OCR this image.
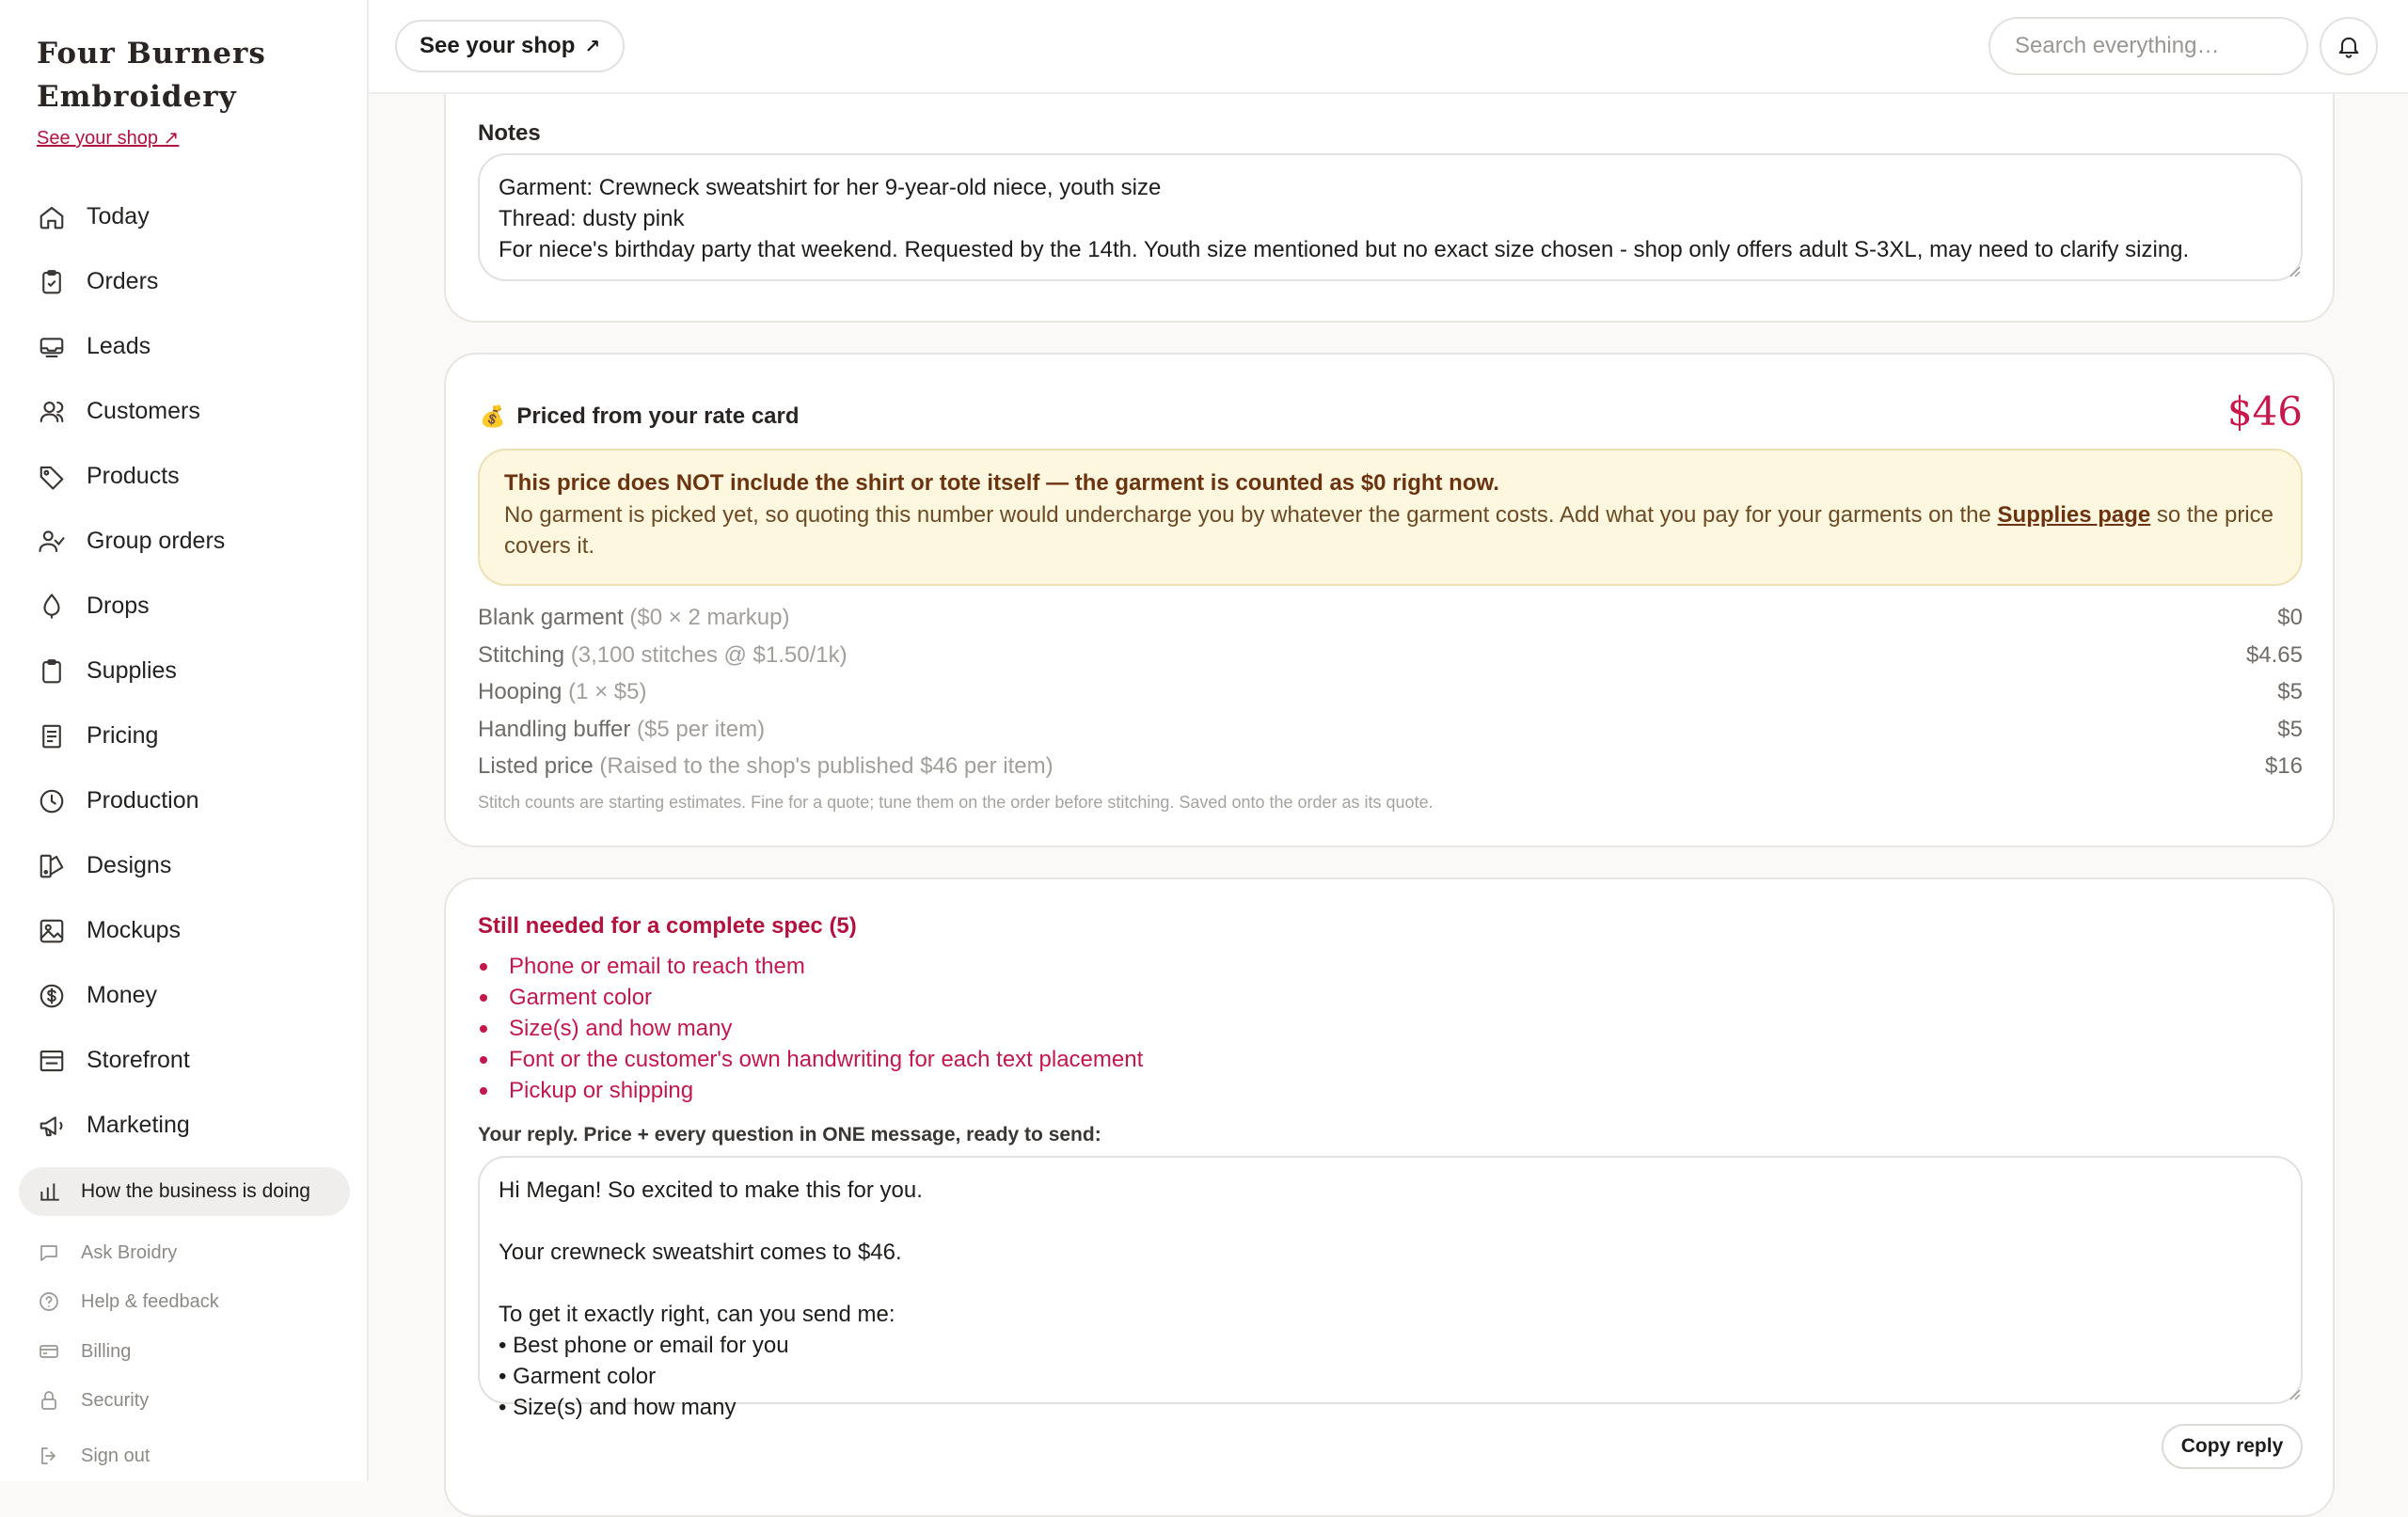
Four Burners
Embroidery
See your shop ↗
Today
Orders
Leads
Customers
Products
Group orders
Drops
Supplies
Pricing
Production
Designs
Mockups
Money
Storefront
Marketing
How the business is doing
Ask Broidry
Help & feedback
Billing
Security
Sign out
Notes
Garment: Crewneck sweatshirt for her 9-year-old niece, youth size
Thread: dusty pink
For niece's birthday party that weekend. Requested by the 14th. Youth size mentioned but no exact size chosen - shop only offers adult S-3XL, may need to clarify sizing.
💰 Priced from your rate card	$46
This price does NOT include the shirt or tote itself — the garment is counted as $0 right now.
No garment is picked yet, so quoting this number would undercharge you by whatever the garment costs. Add what you pay for your garments on the Supplies page so the price covers it.
Blank garment ($0 × 2 markup)	$0
Stitching (3,100 stitches @ $1.50/1k)	$4.65
Hooping (1 × $5)	$5
Handling buffer ($5 per item)	$5
Listed price (Raised to the shop's published $46 per item)	$16
Stitch counts are starting estimates. Fine for a quote; tune them on the order before stitching. Saved onto the order as its quote.
Still needed for a complete spec (5)
Phone or email to reach them
Garment color
Size(s) and how many
Font or the customer's own handwriting for each text placement
Pickup or shipping
Your reply. Price + every question in ONE message, ready to send:
Hi Megan! So excited to make this for you.

Your crewneck sweatshirt comes to $46.

To get it exactly right, can you send me:
• Best phone or email for you
• Garment color
• Size(s) and how many
Copy reply
See your shop ↗
Search everything…
